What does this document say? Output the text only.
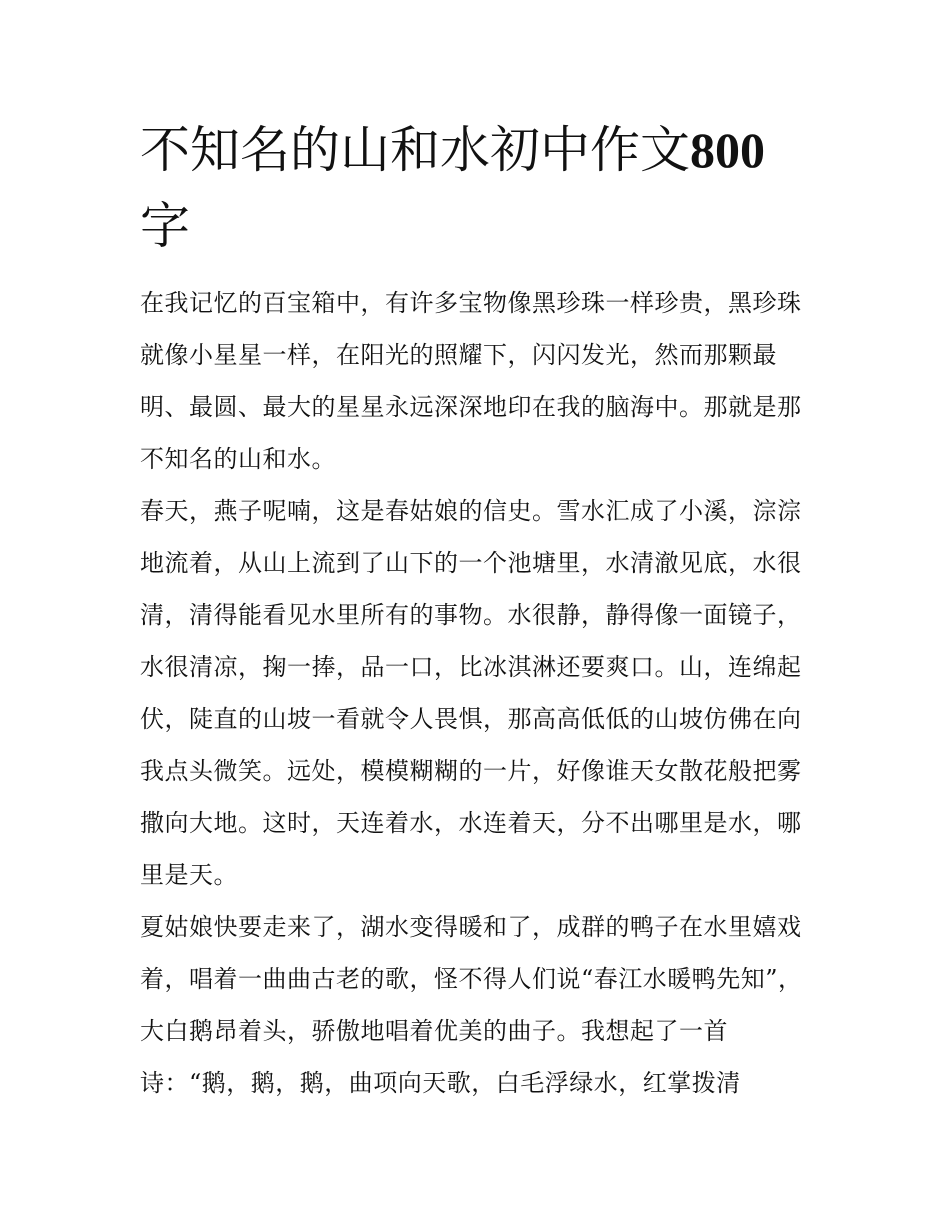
不知名的山和水初中作文800
字
在我记忆的百宝箱中，有许多宝物像黑珍珠一样珍贵，黑珍珠
就像小星星一样，在阳光的照耀下，闪闪发光，然而那颗最
明、最圆、最大的星星永远深深地印在我的脑海中。那就是那
不知名的山和水。
春天，燕子呢喃，这是春姑娘的信史。雪水汇成了小溪，淙淙
地流着，从山上流到了山下的一个池塘里，水清澈见底，水很
清，清得能看见水里所有的事物。水很静，静得像一面镜子，
水很清凉，掬一捧，品一口，比冰淇淋还要爽口。山，连绵起
伏，陡直的山坡一看就令人畏惧，那高高低低的山坡仿佛在向
我点头微笑。远处，模模糊糊的一片，好像谁天女散花般把雾
撒向大地。这时，天连着水，水连着天，分不出哪里是水，哪
里是天。
夏姑娘快要走来了，湖水变得暖和了，成群的鸭子在水里嬉戏
着，唱着一曲曲古老的歌，怪不得人们说“春江水暖鸭先知”，
大白鹅昂着头，骄傲地唱着优美的曲子。我想起了一首
诗：“鹅，鹅，鹅，曲项向天歌，白毛浮绿水，红掌拨清
